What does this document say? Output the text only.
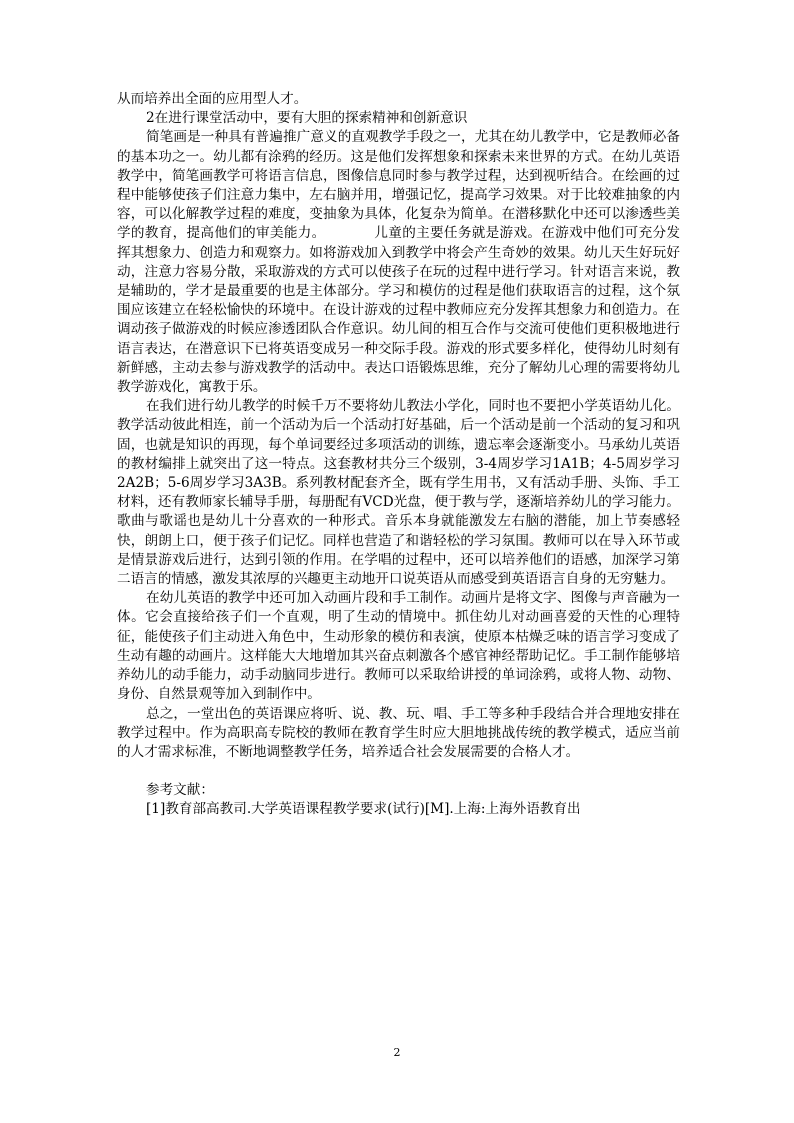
从而培养出全面的应用型人才。

2在进行课堂活动中，要有大胆的探索精神和创新意识

简笔画是一种具有普遍推广意义的直观教学手段之一，尤其在幼儿教学中，它是教师必备的基本功之一。幼儿都有涂鸦的经历。这是他们发挥想象和探索未来世界的方式。在幼儿英语教学中，简笔画教学可将语言信息，图像信息同时参与教学过程，达到视听结合。在绘画的过程中能够使孩子们注意力集中，左右脑并用，增强记忆，提高学习效果。对于比较难抽象的内容，可以化解教学过程的难度，变抽象为具体，化复杂为简单。在潜移默化中还可以渗透些美学的教育，提高他们的审美能力。　　　　儿童的主要任务就是游戏。在游戏中他们可充分发挥其想象力、创造力和观察力。如将游戏加入到教学中将会产生奇妙的效果。幼儿天生好玩好动，注意力容易分散，采取游戏的方式可以使孩子在玩的过程中进行学习。针对语言来说，教是辅助的，学才是最重要的也是主体部分。学习和模仿的过程是他们获取语言的过程，这个氛围应该建立在轻松愉快的环境中。在设计游戏的过程中教师应充分发挥其想象力和创造力。在调动孩子做游戏的时候应渗透团队合作意识。幼儿间的相互合作与交流可使他们更积极地进行语言表达，在潜意识下已将英语变成另一种交际手段。游戏的形式要多样化，使得幼儿时刻有新鲜感，主动去参与游戏教学的活动中。表达口语锻炼思维，充分了解幼儿心理的需要将幼儿教学游戏化，寓教于乐。

在我们进行幼儿教学的时候千万不要将幼儿教法小学化，同时也不要把小学英语幼儿化。教学活动彼此相连，前一个活动为后一个活动打好基础，后一个活动是前一个活动的复习和巩固，也就是知识的再现，每个单词要经过多项活动的训练，遗忘率会逐渐变小。马承幼儿英语的教材编排上就突出了这一特点。这套教材共分三个级别，3-4周岁学习1A1B；4-5周岁学习2A2B；5-6周岁学习3A3B。系列教材配套齐全，既有学生用书，又有活动手册、头饰、手工材料，还有教师家长辅导手册，每册配有VCD光盘，便于教与学，逐渐培养幼儿的学习能力。歌曲与歌谣也是幼儿十分喜欢的一种形式。音乐本身就能激发左右脑的潜能，加上节奏感轻快，朗朗上口，便于孩子们记忆。同样也营造了和谐轻松的学习氛围。教师可以在导入环节或是情景游戏后进行，达到引领的作用。在学唱的过程中，还可以培养他们的语感，加深学习第二语言的情感，激发其浓厚的兴趣更主动地开口说英语从而感受到英语语言自身的无穷魅力。

在幼儿英语的教学中还可加入动画片段和手工制作。动画片是将文字、图像与声音融为一体。它会直接给孩子们一个直观，明了生动的情境中。抓住幼儿对动画喜爱的天性的心理特征，能使孩子们主动进入角色中，生动形象的模仿和表演，使原本枯燥乏味的语言学习变成了生动有趣的动画片。这样能大大地增加其兴奋点刺激各个感官神经帮助记忆。手工制作能够培养幼儿的动手能力，动手动脑同步进行。教师可以采取给讲授的单词涂鸦，或将人物、动物、身份、自然景观等加入到制作中。

总之，一堂出色的英语课应将听、说、教、玩、唱、手工等多种手段结合并合理地安排在教学过程中。作为高职高专院校的教师在教育学生时应大胆地挑战传统的教学模式，适应当前的人才需求标准，不断地调整教学任务，培养适合社会发展需要的合格人才。

参考文献：

[1]教育部高教司.大学英语课程教学要求(试行)[M].上海:上海外语教育出

2
